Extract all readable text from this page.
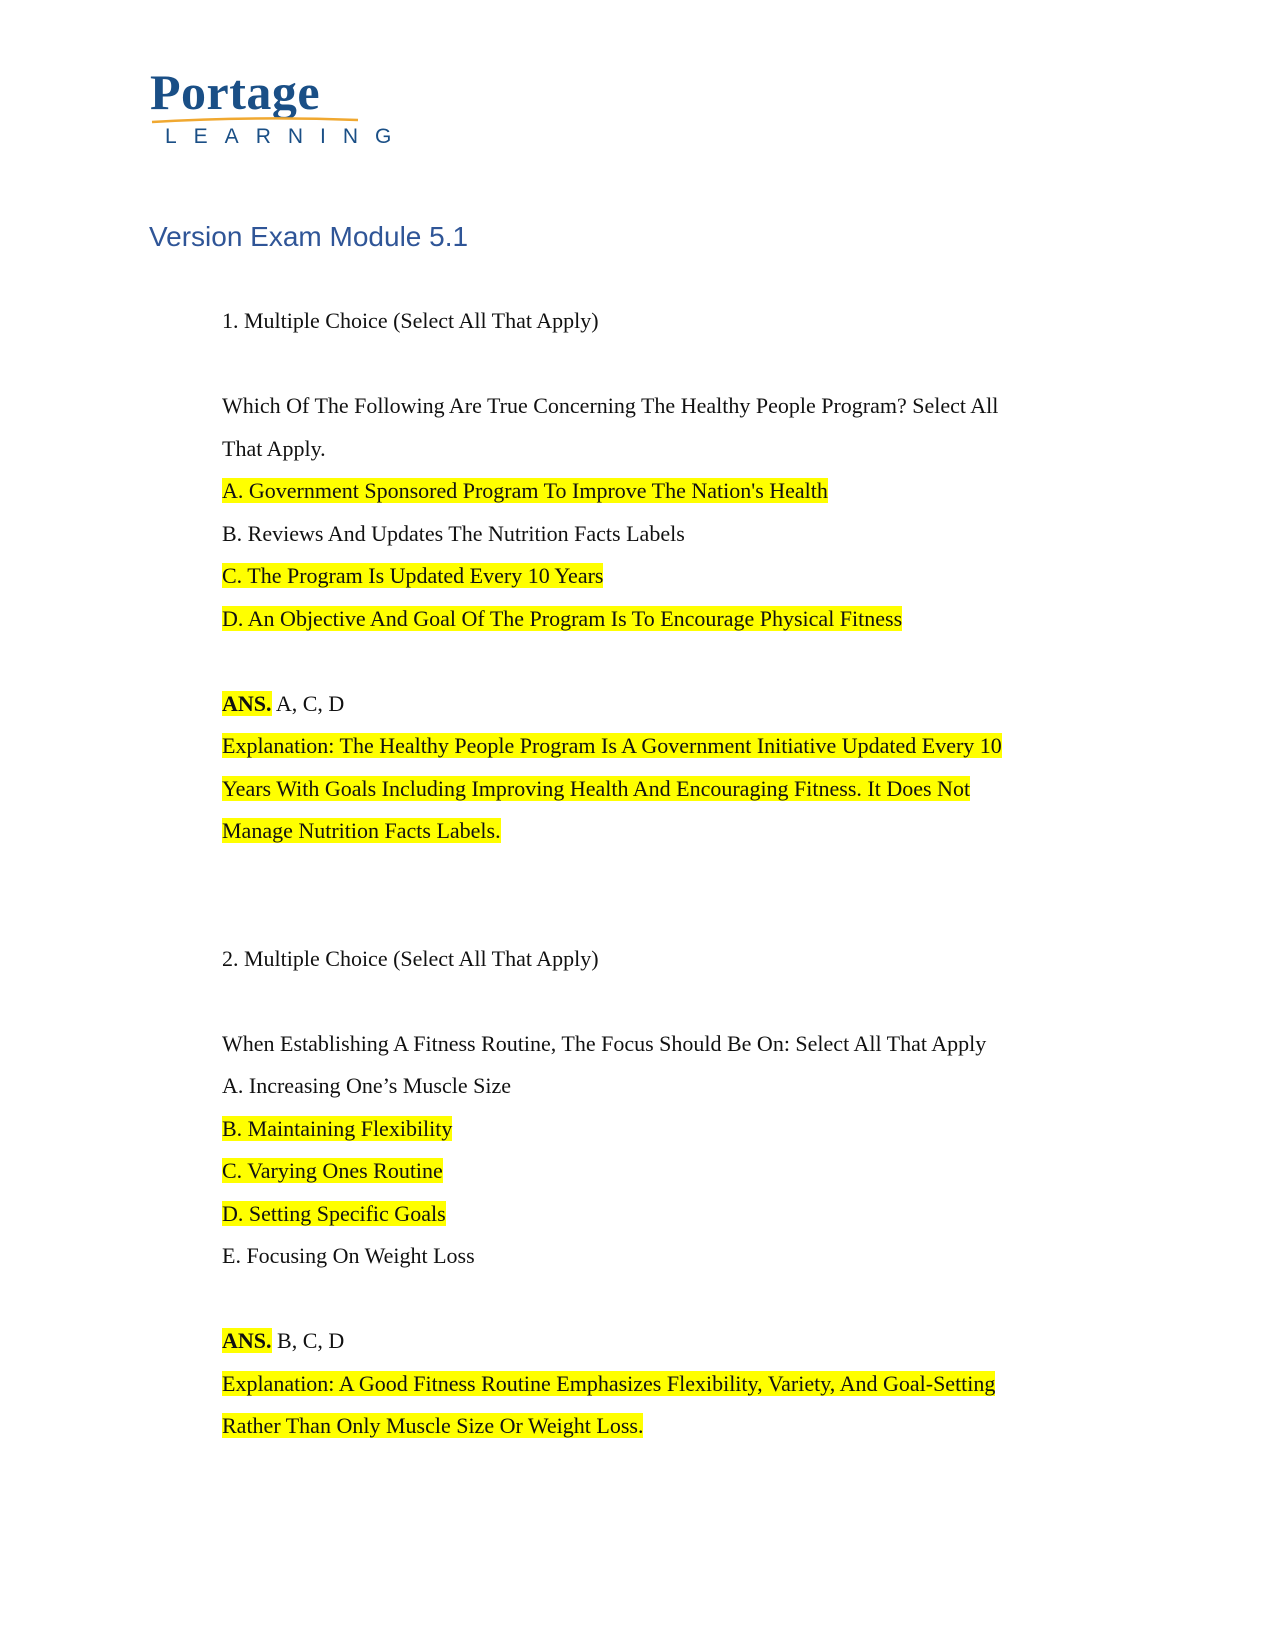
Portage
LEARNING
Version Exam Module 5.1

1. Multiple Choice (Select All That Apply)

Which Of The Following Are True Concerning The Healthy People Program? Select All

That Apply.

A. Government Sponsored Program To Improve The Nation's Health

B. Reviews And Updates The Nutrition Facts Labels

C. The Program Is Updated Every 10 Years

D. An Objective And Goal Of The Program Is To Encourage Physical Fitness

ANS. A, C, D

Explanation: The Healthy People Program Is A Government Initiative Updated Every 10

Years With Goals Including Improving Health And Encouraging Fitness. It Does Not

Manage Nutrition Facts Labels.

2. Multiple Choice (Select All That Apply)

When Establishing A Fitness Routine, The Focus Should Be On: Select All That Apply

A. Increasing One’s Muscle Size

B. Maintaining Flexibility

C. Varying Ones Routine

D. Setting Specific Goals

E. Focusing On Weight Loss

ANS. B, C, D

Explanation: A Good Fitness Routine Emphasizes Flexibility, Variety, And Goal-Setting

Rather Than Only Muscle Size Or Weight Loss.
